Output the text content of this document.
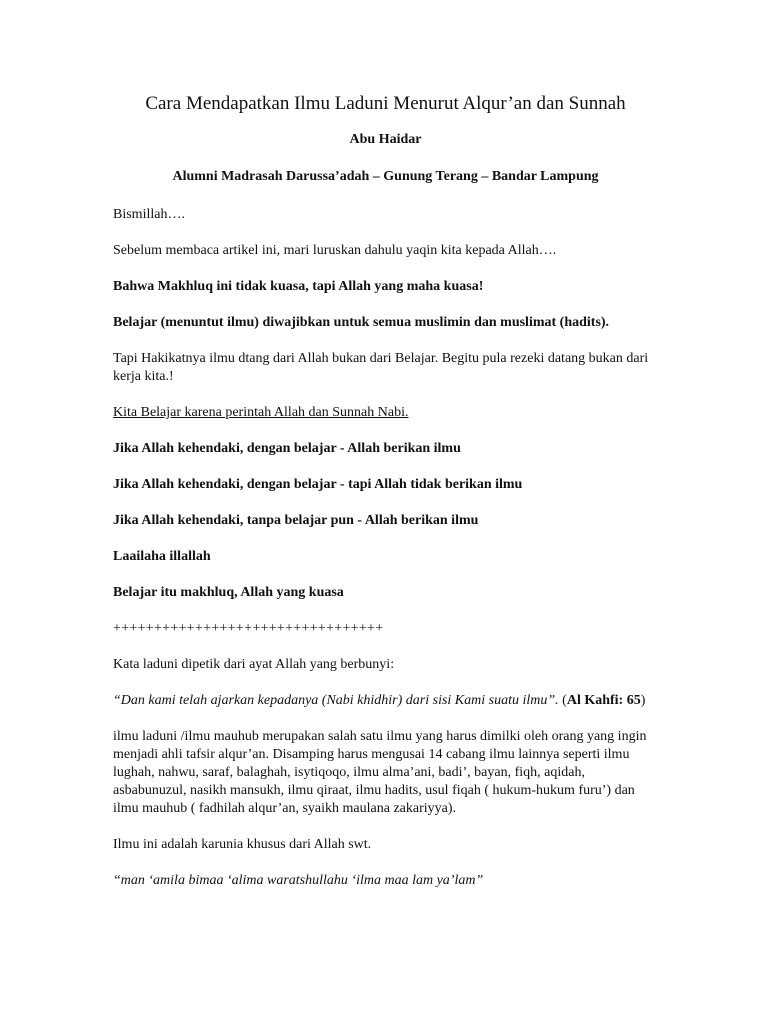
Cara Mendapatkan Ilmu Laduni Menurut Alqur’an dan Sunnah
Abu Haidar
Alumni Madrasah Darussa’adah – Gunung Terang – Bandar Lampung

Bismillah….

Sebelum membaca artikel ini, mari luruskan dahulu yaqin kita kepada Allah….

Bahwa Makhluq ini tidak kuasa, tapi Allah yang maha kuasa!

Belajar (menuntut ilmu) diwajibkan untuk semua muslimin dan muslimat (hadits).

Tapi Hakikatnya ilmu dtang dari Allah bukan dari Belajar. Begitu pula rezeki datang bukan dari kerja kita.!

Kita Belajar karena perintah Allah dan Sunnah Nabi.

Jika Allah kehendaki, dengan belajar - Allah berikan ilmu

Jika Allah kehendaki, dengan belajar - tapi Allah tidak berikan ilmu

Jika Allah kehendaki, tanpa belajar pun - Allah berikan ilmu

Laailaha illallah

Belajar itu makhluq, Allah yang kuasa

+++++++++++++++++++++++++++++++++

Kata laduni dipetik dari ayat Allah yang berbunyi:

“Dan kami telah ajarkan kepadanya (Nabi khidhir) dari sisi Kami suatu ilmu”. (Al Kahfi: 65)

ilmu laduni /ilmu mauhub merupakan salah satu ilmu yang harus dimilki oleh orang yang ingin menjadi ahli tafsir alqur’an. Disamping harus mengusai 14 cabang ilmu lainnya seperti ilmu lughah, nahwu, saraf, balaghah, isytiqoqo, ilmu alma’ani, badi’, bayan, fiqh, aqidah, asbabunuzul, nasikh mansukh, ilmu qiraat, ilmu hadits, usul fiqah ( hukum-hukum furu’) dan ilmu mauhub ( fadhilah alqur’an, syaikh maulana zakariyya).

Ilmu ini adalah karunia khusus dari Allah swt.

“man ‘amila bimaa ‘alima waratshullahu ‘ilma maa lam ya’lam”
